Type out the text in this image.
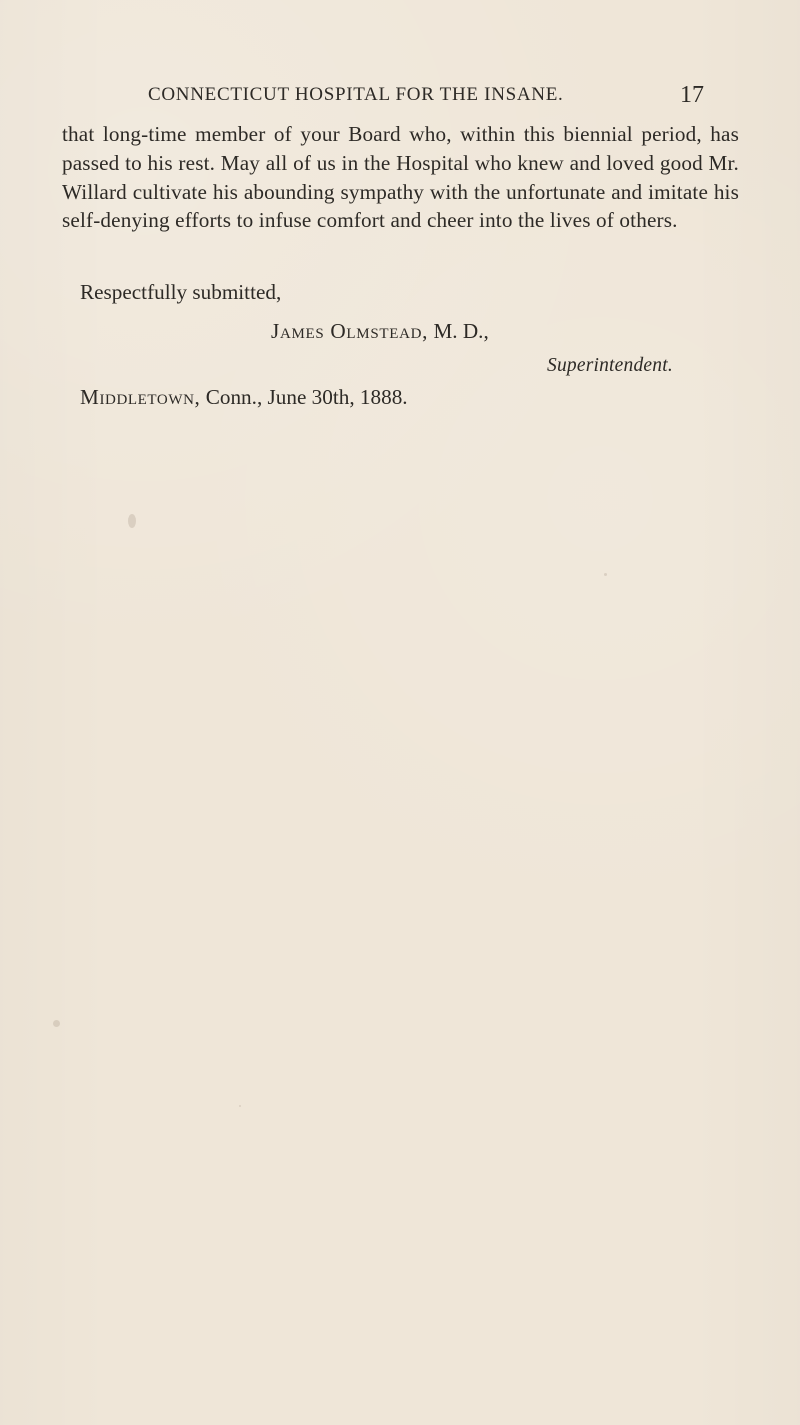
CONNECTICUT HOSPITAL FOR THE INSANE.	17

that long-time member of your Board who, within this biennial period, has passed to his rest. May all of us in the Hospital who knew and loved good Mr. Willard cultivate his abounding sympathy with the unfortunate and imitate his self-denying efforts to infuse comfort and cheer into the lives of others.

Respectfully submitted,
James Olmstead, M. D.,
Superintendent.
Middletown, Conn., June 30th, 1888.
